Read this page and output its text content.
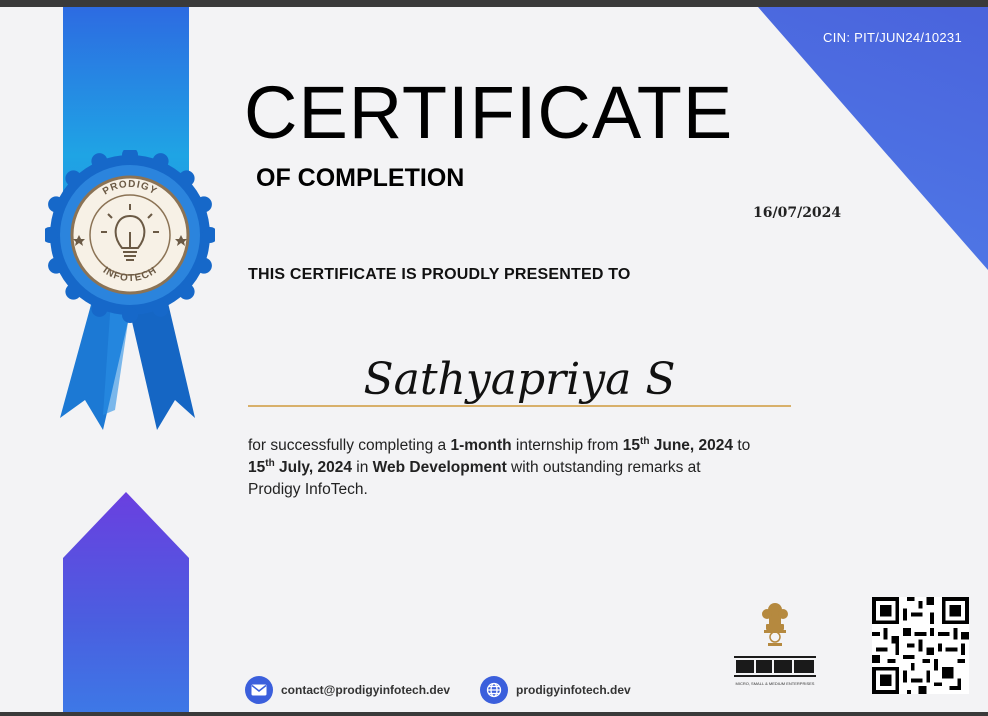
CIN: PIT/JUN24/10231
PRODIGY
INFOTECH
CERTIFICATE
OF COMPLETION
16/07/2024
THIS CERTIFICATE IS PROUDLY PRESENTED TO
Sathyapriya S
for successfully completing a 1-month internship from 15th June, 2024 to 15th July, 2024 in Web Development with outstanding remarks at Prodigy InfoTech.
contact@prodigyinfotech.dev	prodigyinfotech.dev	MICRO, SMALL & MEDIUM ENTERPRISES
